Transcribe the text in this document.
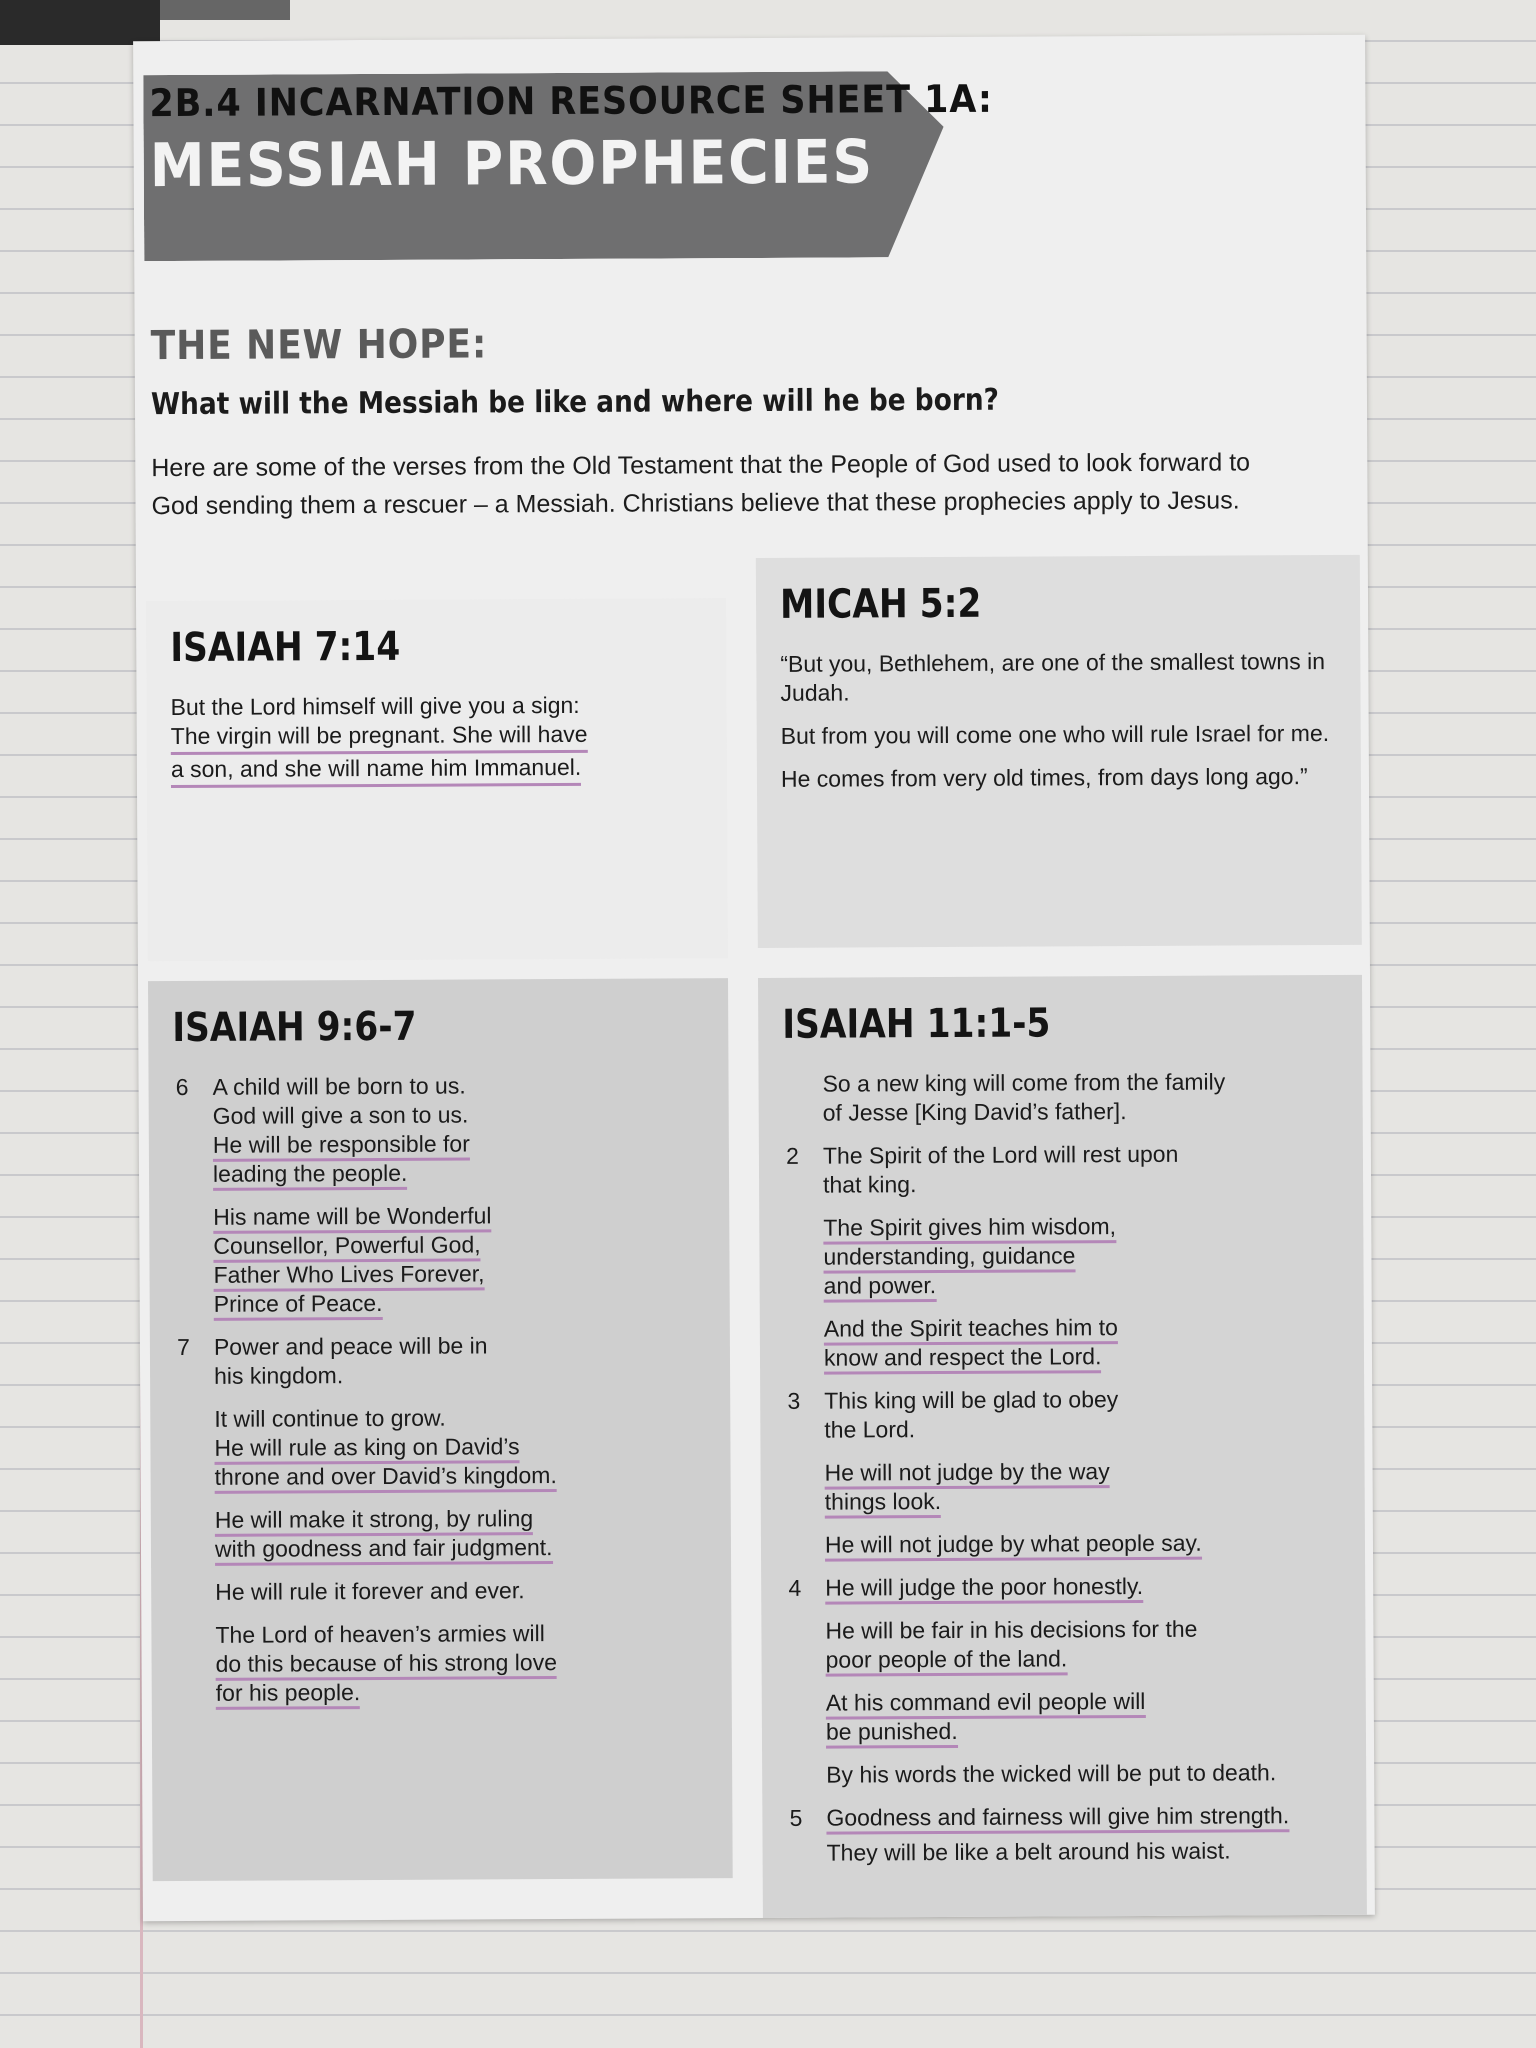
2B.4 INCARNATION RESOURCE SHEET 1A:
MESSIAH PROPHECIES
THE NEW HOPE:
What will the Messiah be like and where will he be born?
Here are some of the verses from the Old Testament that the People of God used to look forward to God sending them a rescuer – a Messiah. Christians believe that these prophecies apply to Jesus.
ISAIAH 7:14
But the Lord himself will give you a sign:
The virgin will be pregnant. She will have a son, and she will name him Immanuel.
MICAH 5:2
“But you, Bethlehem, are one of the smallest towns in Judah.
But from you will come one who will rule Israel for me.
He comes from very old times, from days long ago.”
ISAIAH 9:6-7
6 A child will be born to us.
God will give a son to us.
He will be responsible for
leading the people.
His name will be Wonderful
Counsellor, Powerful God,
Father Who Lives Forever,
Prince of Peace.
7 Power and peace will be in
his kingdom.
It will continue to grow.
He will rule as king on David’s
throne and over David’s kingdom.
He will make it strong, by ruling
with goodness and fair judgment.
He will rule it forever and ever.
The Lord of heaven’s armies will
do this because of his strong love
for his people.
ISAIAH 11:1-5
So a new king will come from the family
of Jesse [King David’s father].
2 The Spirit of the Lord will rest upon
that king.
The Spirit gives him wisdom,
understanding, guidance
and power.
And the Spirit teaches him to
know and respect the Lord.
3 This king will be glad to obey
the Lord.
He will not judge by the way
things look.
He will not judge by what people say.
4 He will judge the poor honestly.
He will be fair in his decisions for the
poor people of the land.
At his command evil people will
be punished.
By his words the wicked will be put to death.
5 Goodness and fairness will give him strength.
They will be like a belt around his waist.
